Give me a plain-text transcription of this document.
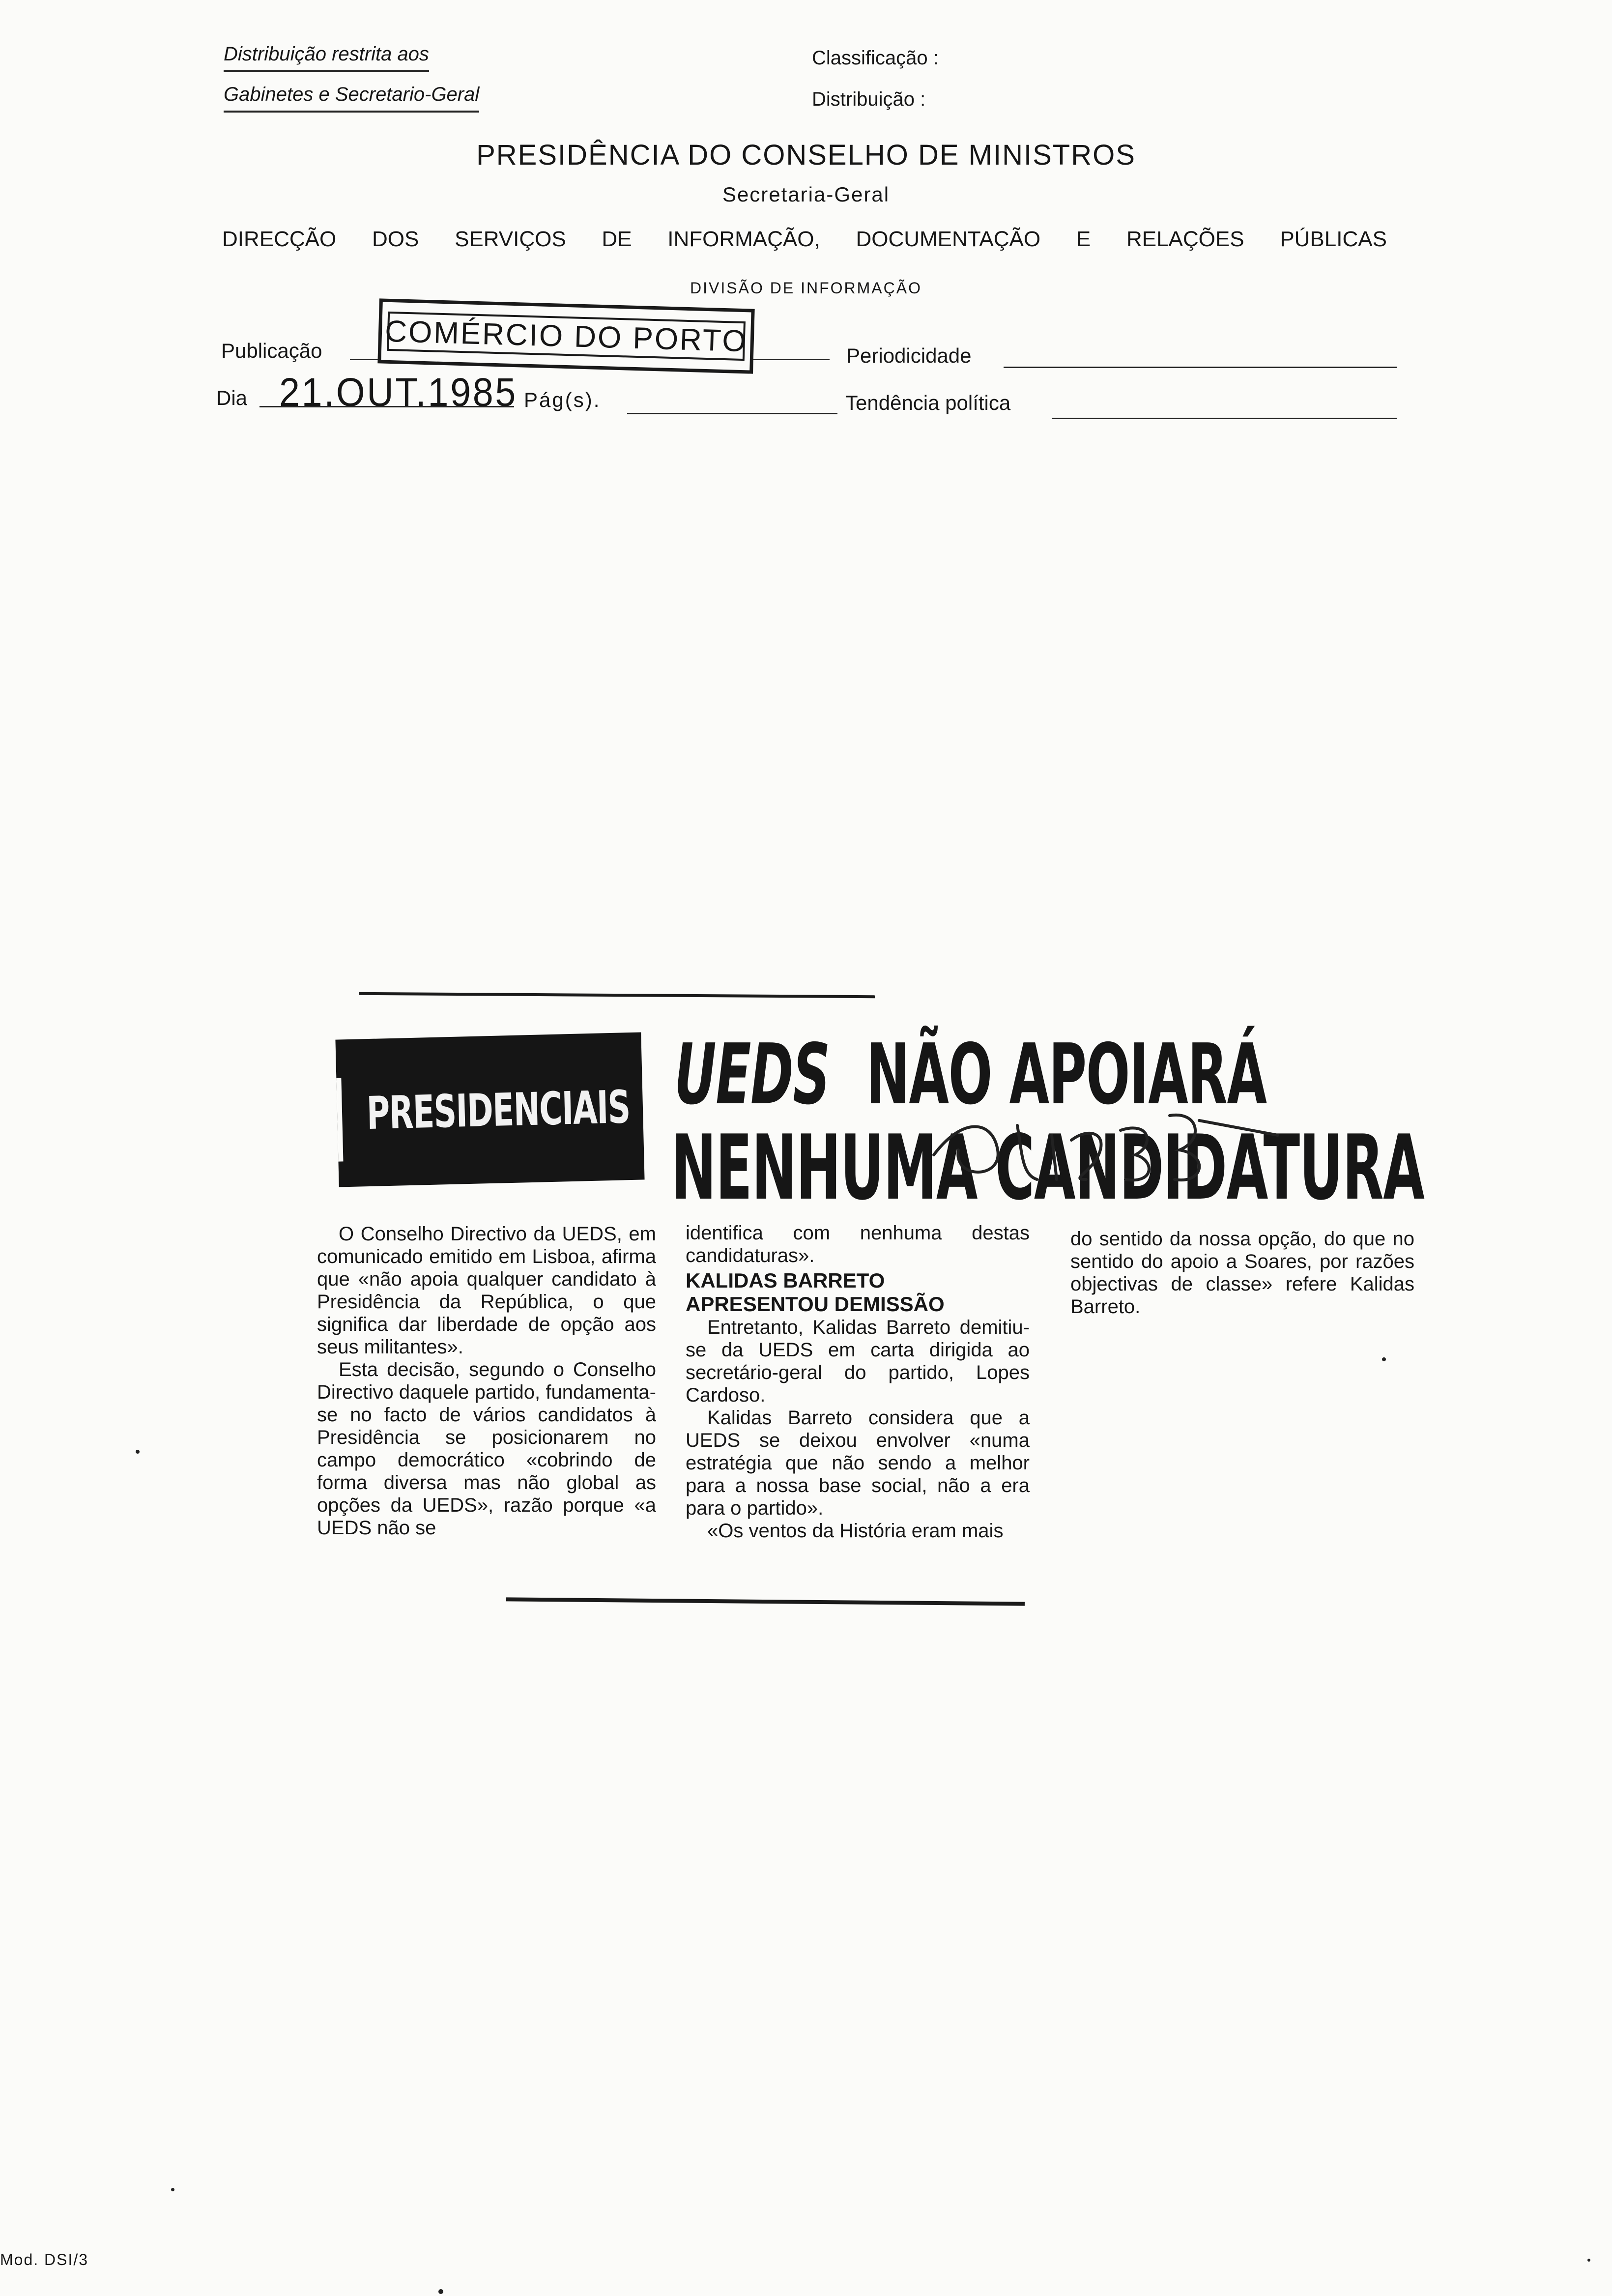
Distribuição restrita aos
Gabinetes e Secretario-Geral
Classificação :
Distribuição :
PRESIDÊNCIA DO CONSELHO DE MINISTROS
Secretaria-Geral
DIRECÇÃO DOS SERVIÇOS DE INFORMAÇÃO, DOCUMENTAÇÃO E RELAÇÕES PÚBLICAS
DIVISÃO DE INFORMAÇÃO
Publicação COMÉRCIO DO PORTO	Periodicidade
Dia 21.OUT.1985 Pág(s).	Tendência política
PRESIDENCIAIS UEDS NÃO APOIARÁ
NENHUMA CANDIDATURA

O Conselho Directivo da UEDS, em comunicado emitido em Lisboa, afirma que «não apoia qualquer candidato à Presidência da República, o que significa dar liberdade de opção aos seus militantes».

Esta decisão, segundo o Conselho Directivo daquele partido, fundamenta-se no facto de vários candidatos à Presidência se posicionarem no campo democrático «cobrindo de forma diversa mas não global as opções da UEDS», razão porque «a UEDS não se

identifica com nenhuma destas candidaturas».

KALIDAS BARRETO APRESENTOU DEMISSÃO

Entretanto, Kalidas Barreto demitiu-se da UEDS em carta dirigida ao secretário-geral do partido, Lopes Cardoso.

Kalidas Barreto considera que a UEDS se deixou envolver «numa estratégia que não sendo a melhor para a nossa base social, não a era para o partido».

«Os ventos da História eram mais

do sentido da nossa opção, do que no sentido do apoio a Soares, por razões objectivas de classe» refere Kalidas Barreto.

Mod. DSI/3
